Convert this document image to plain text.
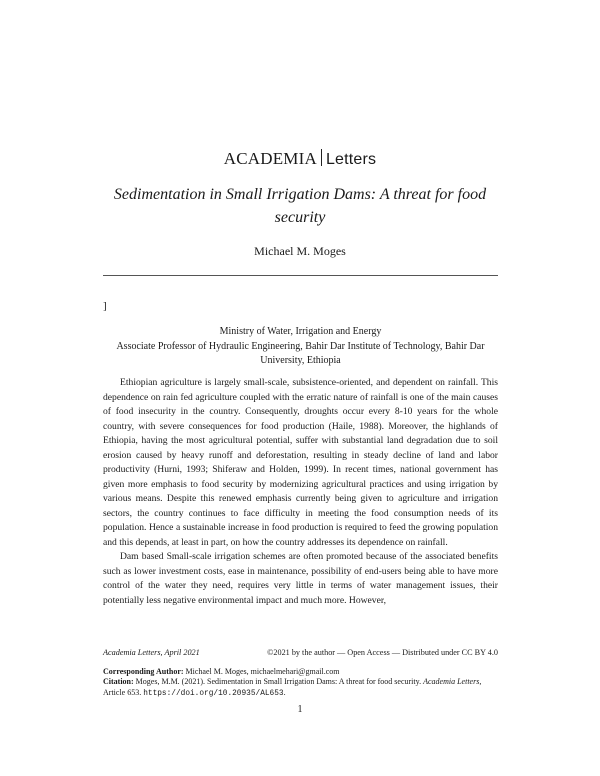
ACADEMIA Letters
Sedimentation in Small Irrigation Dams: A threat for food security
Michael M. Moges
]
Ministry of Water, Irrigation and Energy
Associate Professor of Hydraulic Engineering, Bahir Dar Institute of Technology, Bahir Dar University, Ethiopia

Ethiopian agriculture is largely small-scale, subsistence-oriented, and dependent on rainfall. This dependence on rain fed agriculture coupled with the erratic nature of rainfall is one of the main causes of food insecurity in the country. Consequently, droughts occur every 8-10 years for the whole country, with severe consequences for food production (Haile, 1988). Moreover, the highlands of Ethiopia, having the most agricultural potential, suffer with substantial land degradation due to soil erosion caused by heavy runoff and deforestation, resulting in steady decline of land and labor productivity (Hurni, 1993; Shiferaw and Holden, 1999). In recent times, national government has given more emphasis to food security by modernizing agricultural practices and using irrigation by various means. Despite this renewed emphasis currently being given to agriculture and irrigation sectors, the country continues to face difficulty in meeting the food consumption needs of its population. Hence a sustainable increase in food production is required to feed the growing population and this depends, at least in part, on how the country addresses its dependence on rainfall.

Dam based Small-scale irrigation schemes are often promoted because of the associated benefits such as lower investment costs, ease in maintenance, possibility of end-users being able to have more control of the water they need, requires very little in terms of water management issues, their potentially less negative environmental impact and much more. However,

Academia Letters, April 2021	©2021 by the author — Open Access — Distributed under CC BY 4.0
Corresponding Author: Michael M. Moges, michaelmehari@gmail.com
Citation: Moges, M.M. (2021). Sedimentation in Small Irrigation Dams: A threat for food security. Academia Letters, Article 653. https://doi.org/10.20935/AL653.
1
